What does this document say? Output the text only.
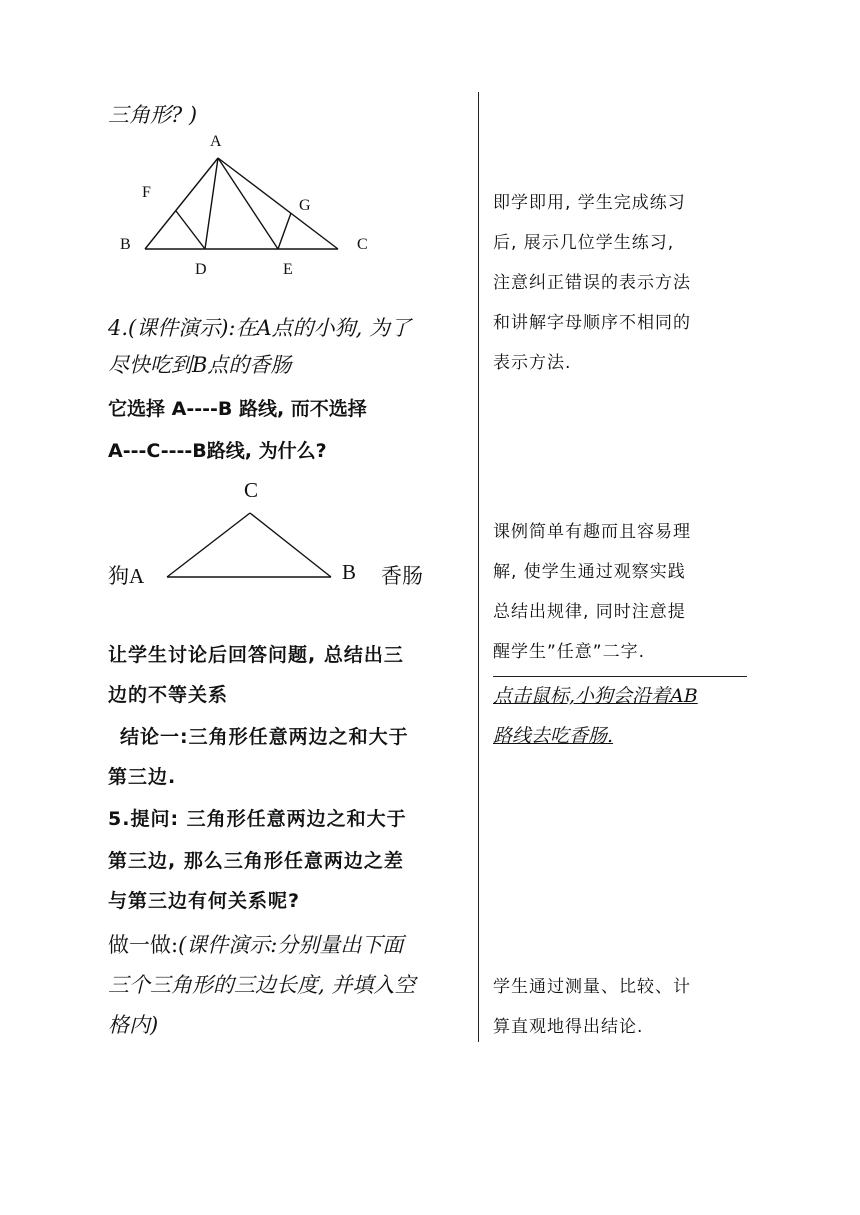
三角形? )
A
F
G
B	C
D	E
4.(课件演示):在A点的小狗, 为了
尽快吃到B点的香肠
它选择 A----B 路线, 而不选择
A---C----B路线, 为什么?
C
狗A	B 香肠
让学生讨论后回答问题, 总结出三
边的不等关系
结论一:三角形任意两边之和大于
第三边.
5.提问: 三角形任意两边之和大于
第三边, 那么三角形任意两边之差
与第三边有何关系呢?
做一做:(课件演示:分别量出下面
三个三角形的三边长度, 并填入空
格内)
即学即用, 学生完成练习
后, 展示几位学生练习,
注意纠正错误的表示方法
和讲解字母顺序不相同的
表示方法.
课例简单有趣而且容易理
解, 使学生通过观察实践
总结出规律, 同时注意提
醒学生”任意”二字.
点击鼠标,小狗会沿着AB
路线去吃香肠.
学生通过测量、比较、计
算直观地得出结论.
